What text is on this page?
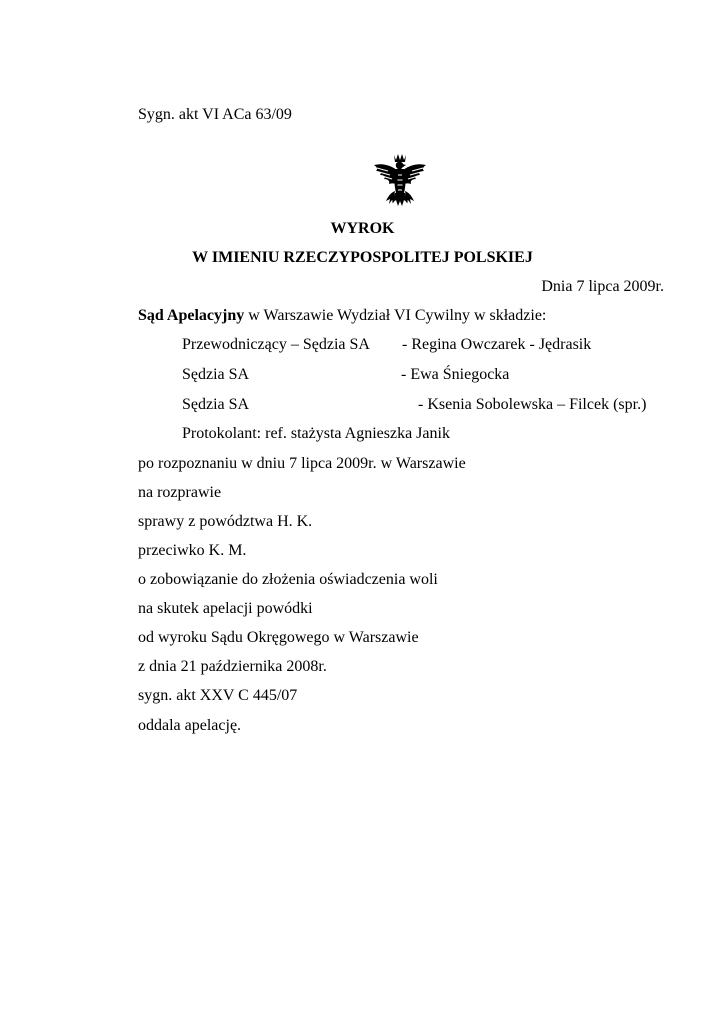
Sygn. akt VI ACa 63/09
WYROK
W IMIENIU RZECZYPOSPOLITEJ POLSKIEJ
Dnia 7 lipca 2009r.
Sąd Apelacyjny w Warszawie Wydział VI Cywilny w składzie:
Przewodniczący – Sędzia SA - Regina Owczarek - Jędrasik
Sędzia SA	- Ewa Śniegocka
Sędzia SA	- Ksenia Sobolewska – Filcek (spr.)
Protokolant: ref. stażysta Agnieszka Janik
po rozpoznaniu w dniu 7 lipca 2009r. w Warszawie
na rozprawie
sprawy z powództwa H. K.
przeciwko K. M.
o zobowiązanie do złożenia oświadczenia woli
na skutek apelacji powódki
od wyroku Sądu Okręgowego w Warszawie
z dnia 21 października 2008r.
sygn. akt XXV C 445/07
oddala apelację.
